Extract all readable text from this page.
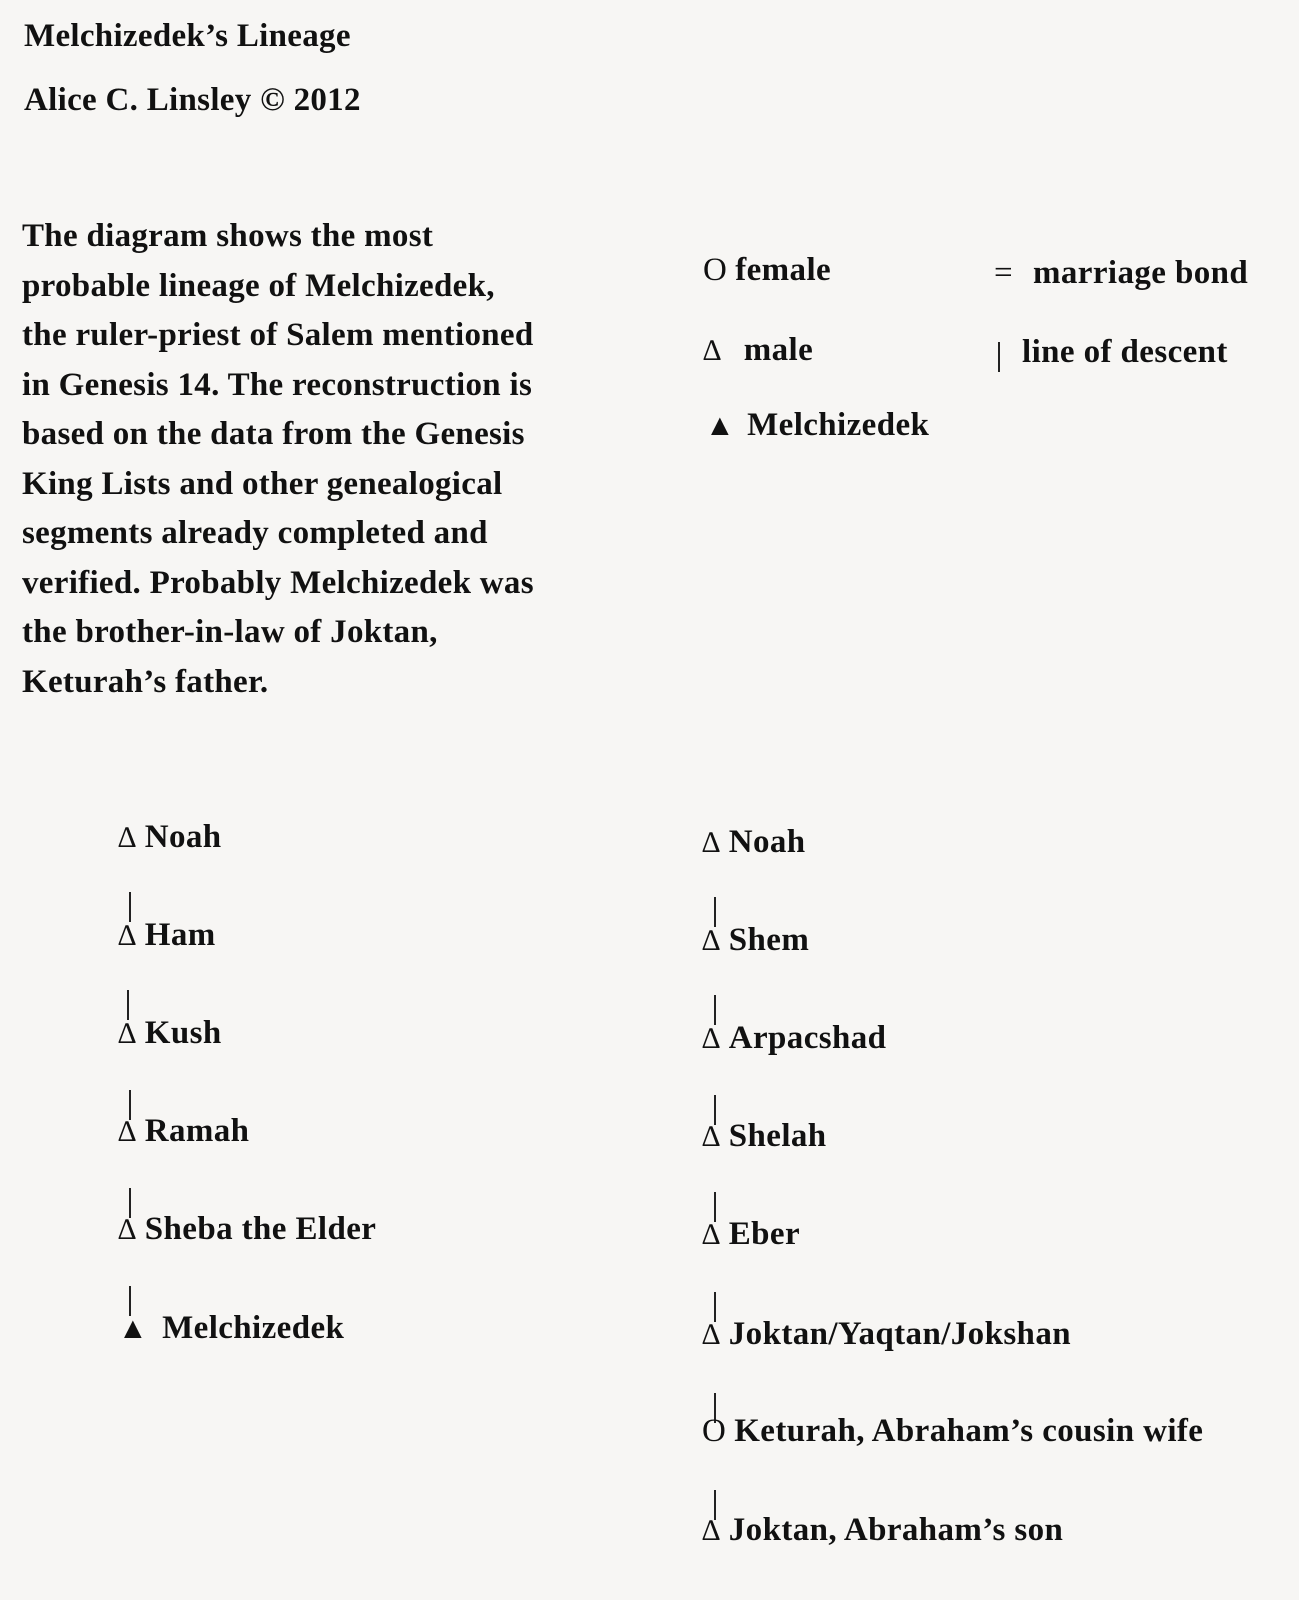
Melchizedek’s Lineage
Alice C. Linsley © 2012
The diagram shows the most
probable lineage of Melchizedek,
the ruler-priest of Salem mentioned
in Genesis 14. The reconstruction is
based on the data from the Genesis
King Lists and other genealogical
segments already completed and
verified. Probably Melchizedek was
the brother-in-law of Joktan,
Keturah’s father.
O female
∆ male
▲ Melchizedek
= marriage bond
line of descent
∆ Noah
∆ Ham
∆ Kush
∆ Ramah
∆ Sheba the Elder
▲ Melchizedek
∆ Noah
∆ Shem
∆ Arpacshad
∆ Shelah
∆ Eber
∆ Joktan/Yaqtan/Jokshan
O Keturah, Abraham’s cousin wife
∆ Joktan, Abraham’s son
